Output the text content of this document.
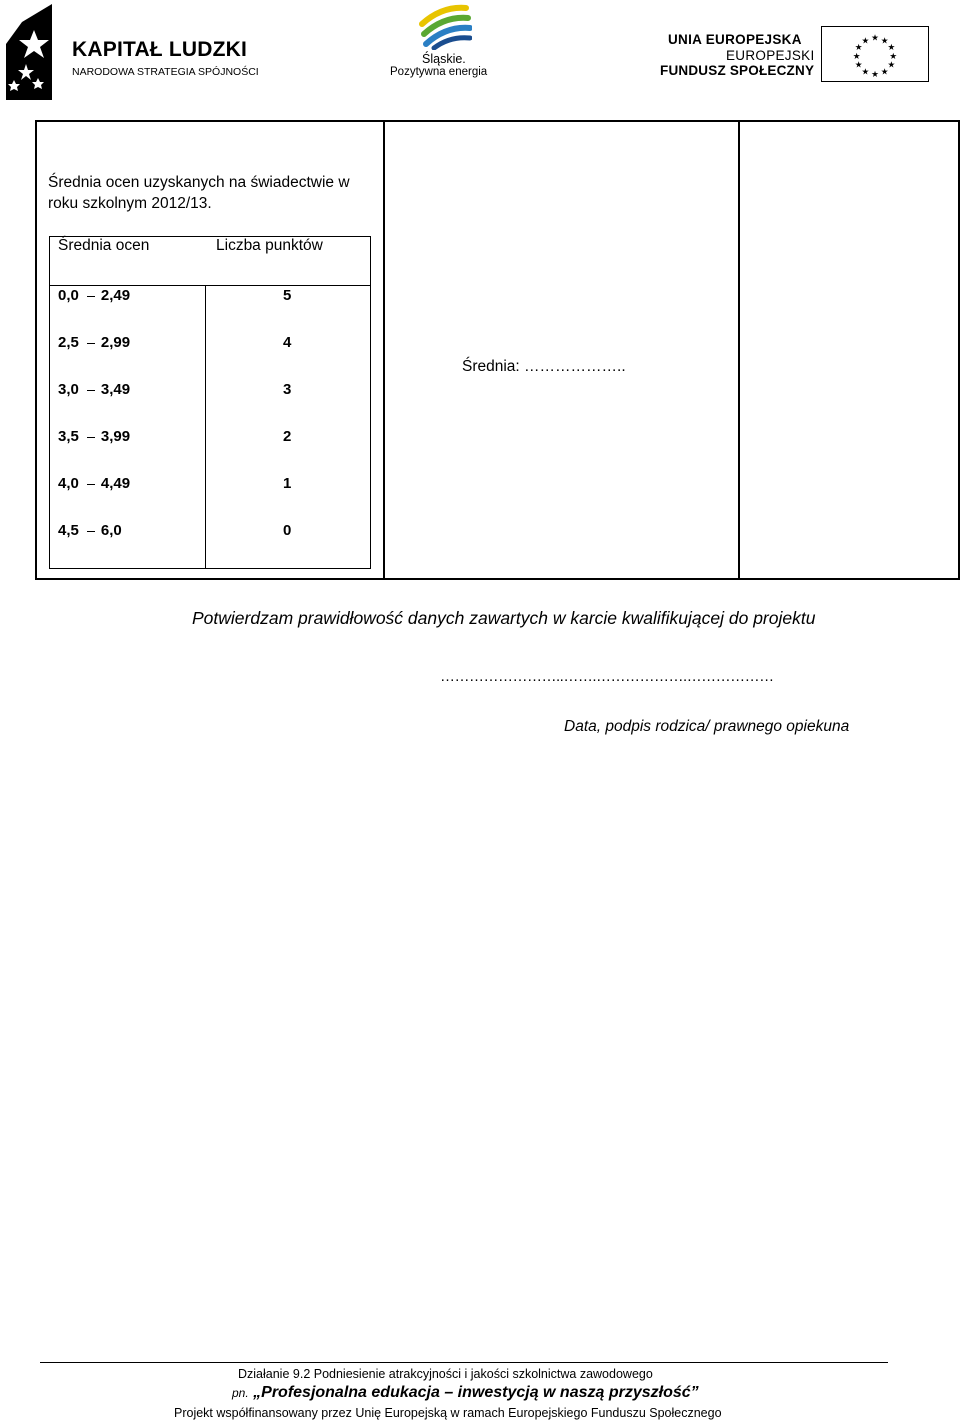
KAPITAŁ LUDZKI
NARODOWA STRATEGIA SPÓJNOŚCI
Śląskie.
Pozytywna energia
UNIA EUROPEJSKA
EUROPEJSKI
FUNDUSZ SPOŁECZNY
★ ★
★
★
★
★
★
★
★
★
★
★
Średnia ocen uzyskanych na świadectwie w roku szkolnym 2012/13.
Średnia ocen	Liczba punktów
0,0 2,49	5
2,5 2,99	4
3,0 3,49	3
3,5 3,99	2
4,0 4,49	1
4,5 6,0	0
Średnia: ………………..
Potwierdzam prawidłowość danych zawartych w karcie kwalifikującej do projektu
……………………..…….……………….………………
Data, podpis rodzica/ prawnego opiekuna
Działanie 9.2 Podniesienie atrakcyjności i jakości szkolnictwa zawodowego
pn. „Profesjonalna edukacja – inwestycją w naszą przyszłość”
Projekt współfinansowany przez Unię Europejską w ramach Europejskiego Funduszu Społecznego
